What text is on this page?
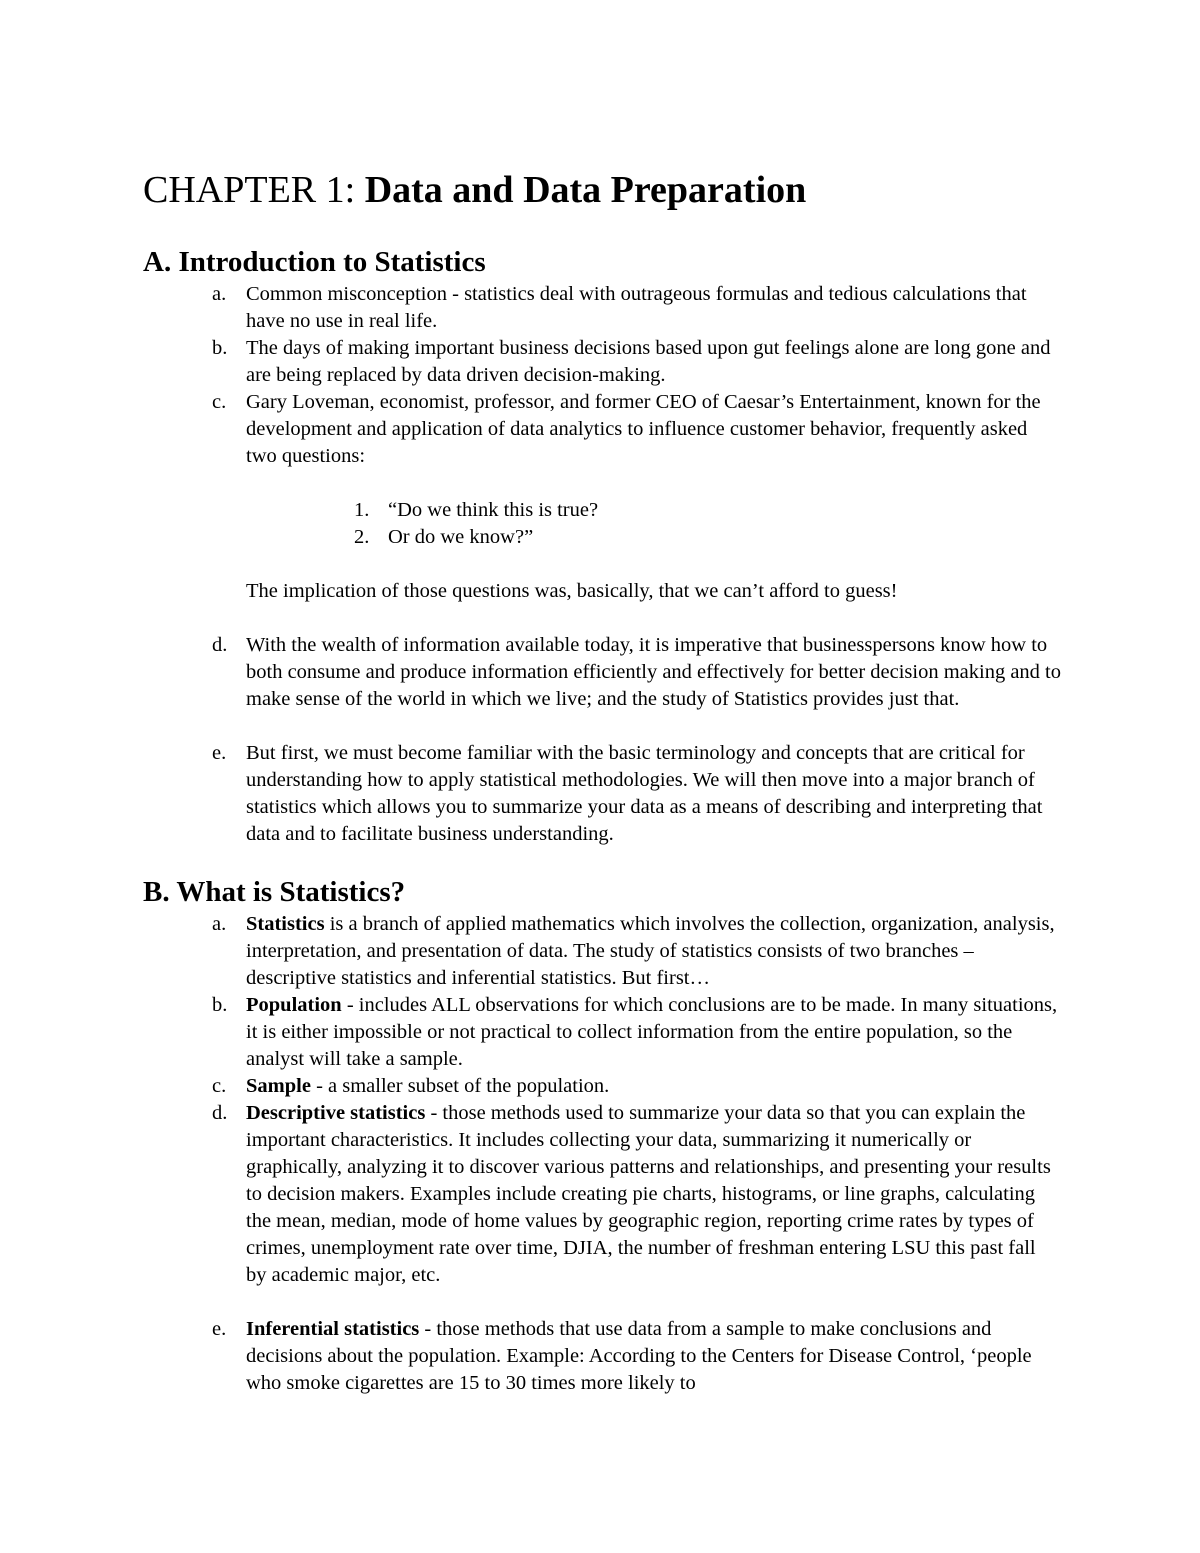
CHAPTER 1: Data and Data Preparation
A. Introduction to Statistics
a. Common misconception - statistics deal with outrageous formulas and tedious calculations that have no use in real life.
b. The days of making important business decisions based upon gut feelings alone are long gone and are being replaced by data driven decision-making.
c. Gary Loveman, economist, professor, and former CEO of Caesar’s Entertainment, known for the development and application of data analytics to influence customer behavior, frequently asked two questions:
1. “Do we think this is true?
2. Or do we know?”
The implication of those questions was, basically, that we can’t afford to guess!
d. With the wealth of information available today, it is imperative that businesspersons know how to both consume and produce information efficiently and effectively for better decision making and to make sense of the world in which we live; and the study of Statistics provides just that.
e. But first, we must become familiar with the basic terminology and concepts that are critical for understanding how to apply statistical methodologies. We will then move into a major branch of statistics which allows you to summarize your data as a means of describing and interpreting that data and to facilitate business understanding.
B. What is Statistics?
a. Statistics is a branch of applied mathematics which involves the collection, organization, analysis, interpretation, and presentation of data. The study of statistics consists of two branches – descriptive statistics and inferential statistics. But first…
b. Population - includes ALL observations for which conclusions are to be made. In many situations, it is either impossible or not practical to collect information from the entire population, so the analyst will take a sample.
c. Sample - a smaller subset of the population.
d. Descriptive statistics - those methods used to summarize your data so that you can explain the important characteristics. It includes collecting your data, summarizing it numerically or graphically, analyzing it to discover various patterns and relationships, and presenting your results to decision makers. Examples include creating pie charts, histograms, or line graphs, calculating the mean, median, mode of home values by geographic region, reporting crime rates by types of crimes, unemployment rate over time, DJIA, the number of freshman entering LSU this past fall by academic major, etc.
e. Inferential statistics - those methods that use data from a sample to make conclusions and decisions about the population. Example: According to the Centers for Disease Control, ‘people who smoke cigarettes are 15 to 30 times more likely to
